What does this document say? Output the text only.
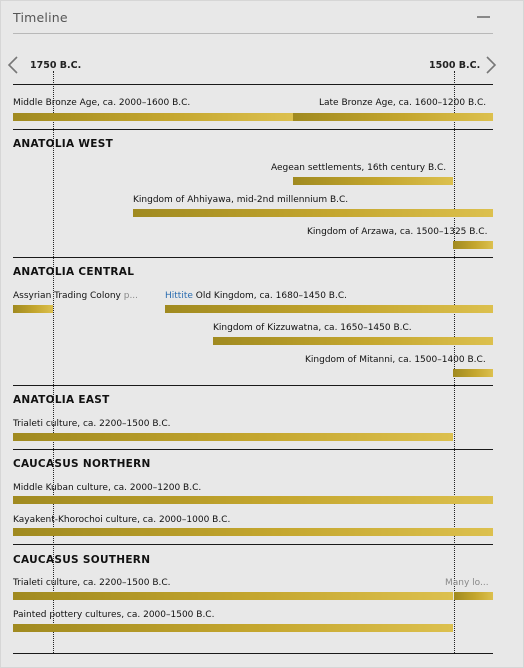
Timeline
1750 B.C.	1500 B.C.
Middle Bronze Age, ca. 2000–1600 B.C.	Late Bronze Age, ca. 1600–1200 B.C.
ANATOLIA WEST
Aegean settlements, 16th century B.C.
Kingdom of Ahhiyawa, mid-2nd millennium B.C.
Kingdom of Arzawa, ca. 1500–1325 B.C.
ANATOLIA CENTRAL
Assyrian Trading Colony p...	Hittite Old Kingdom, ca. 1680–1450 B.C.
Kingdom of Kizzuwatna, ca. 1650–1450 B.C.
Kingdom of Mitanni, ca. 1500–1400 B.C.
ANATOLIA EAST
Trialeti culture, ca. 2200–1500 B.C.
CAUCASUS NORTHERN
Middle Kuban culture, ca. 2000–1200 B.C.
Kayakent-Khorochoi culture, ca. 2000–1000 B.C.
CAUCASUS SOUTHERN
Trialeti culture, ca. 2200–1500 B.C.	Many lo...
Painted pottery cultures, ca. 2000–1500 B.C.
